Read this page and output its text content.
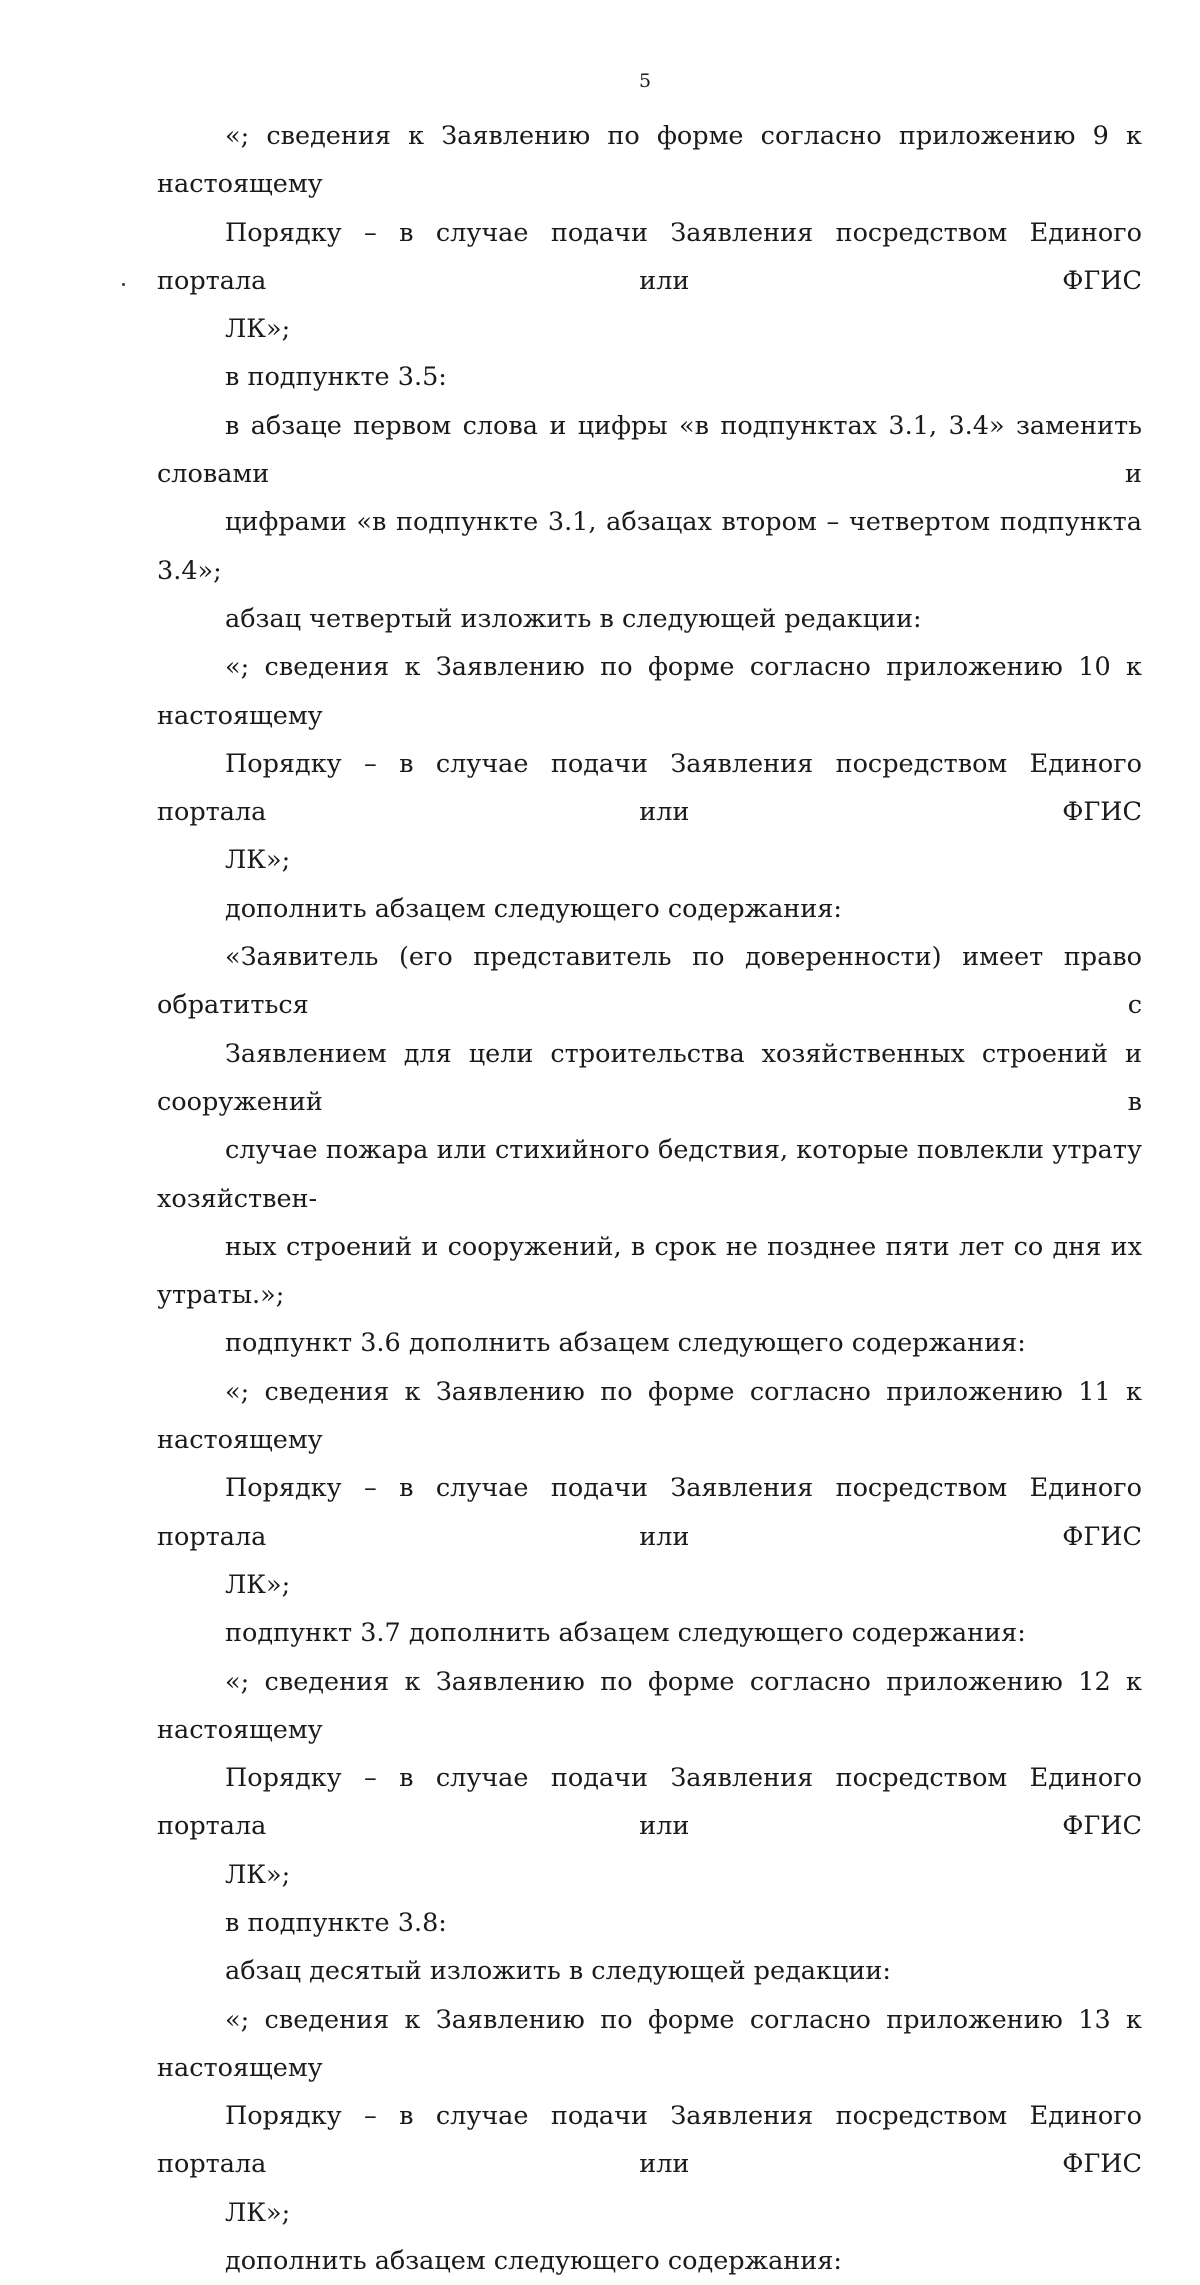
5

«; сведения к Заявлению по форме согласно приложению 9 к настоящему
Порядку – в случае подачи Заявления посредством Единого портала или ФГИС
ЛК»;

в подпункте 3.5:

в абзаце первом слова и цифры «в подпунктах 3.1, 3.4» заменить словами и
цифрами «в подпункте 3.1, абзацах втором – четвертом подпункта 3.4»;

абзац четвертый изложить в следующей редакции:

«; сведения к Заявлению по форме согласно приложению 10 к настоящему
Порядку – в случае подачи Заявления посредством Единого портала или ФГИС
ЛК»;

дополнить абзацем следующего содержания:

«Заявитель (его представитель по доверенности) имеет право обратиться с
Заявлением для цели строительства хозяйственных строений и сооружений в
случае пожара или стихийного бедствия, которые повлекли утрату хозяйствен-
ных строений и сооружений, в срок не позднее пяти лет со дня их утраты.»;

подпункт 3.6 дополнить абзацем следующего содержания:

«; сведения к Заявлению по форме согласно приложению 11 к настоящему
Порядку – в случае подачи Заявления посредством Единого портала или ФГИС
ЛК»;

подпункт 3.7 дополнить абзацем следующего содержания:

«; сведения к Заявлению по форме согласно приложению 12 к настоящему
Порядку – в случае подачи Заявления посредством Единого портала или ФГИС
ЛК»;

в подпункте 3.8:

абзац десятый изложить в следующей редакции:

«; сведения к Заявлению по форме согласно приложению 13 к настоящему
Порядку – в случае подачи Заявления посредством Единого портала или ФГИС
ЛК»;

дополнить абзацем следующего содержания:
